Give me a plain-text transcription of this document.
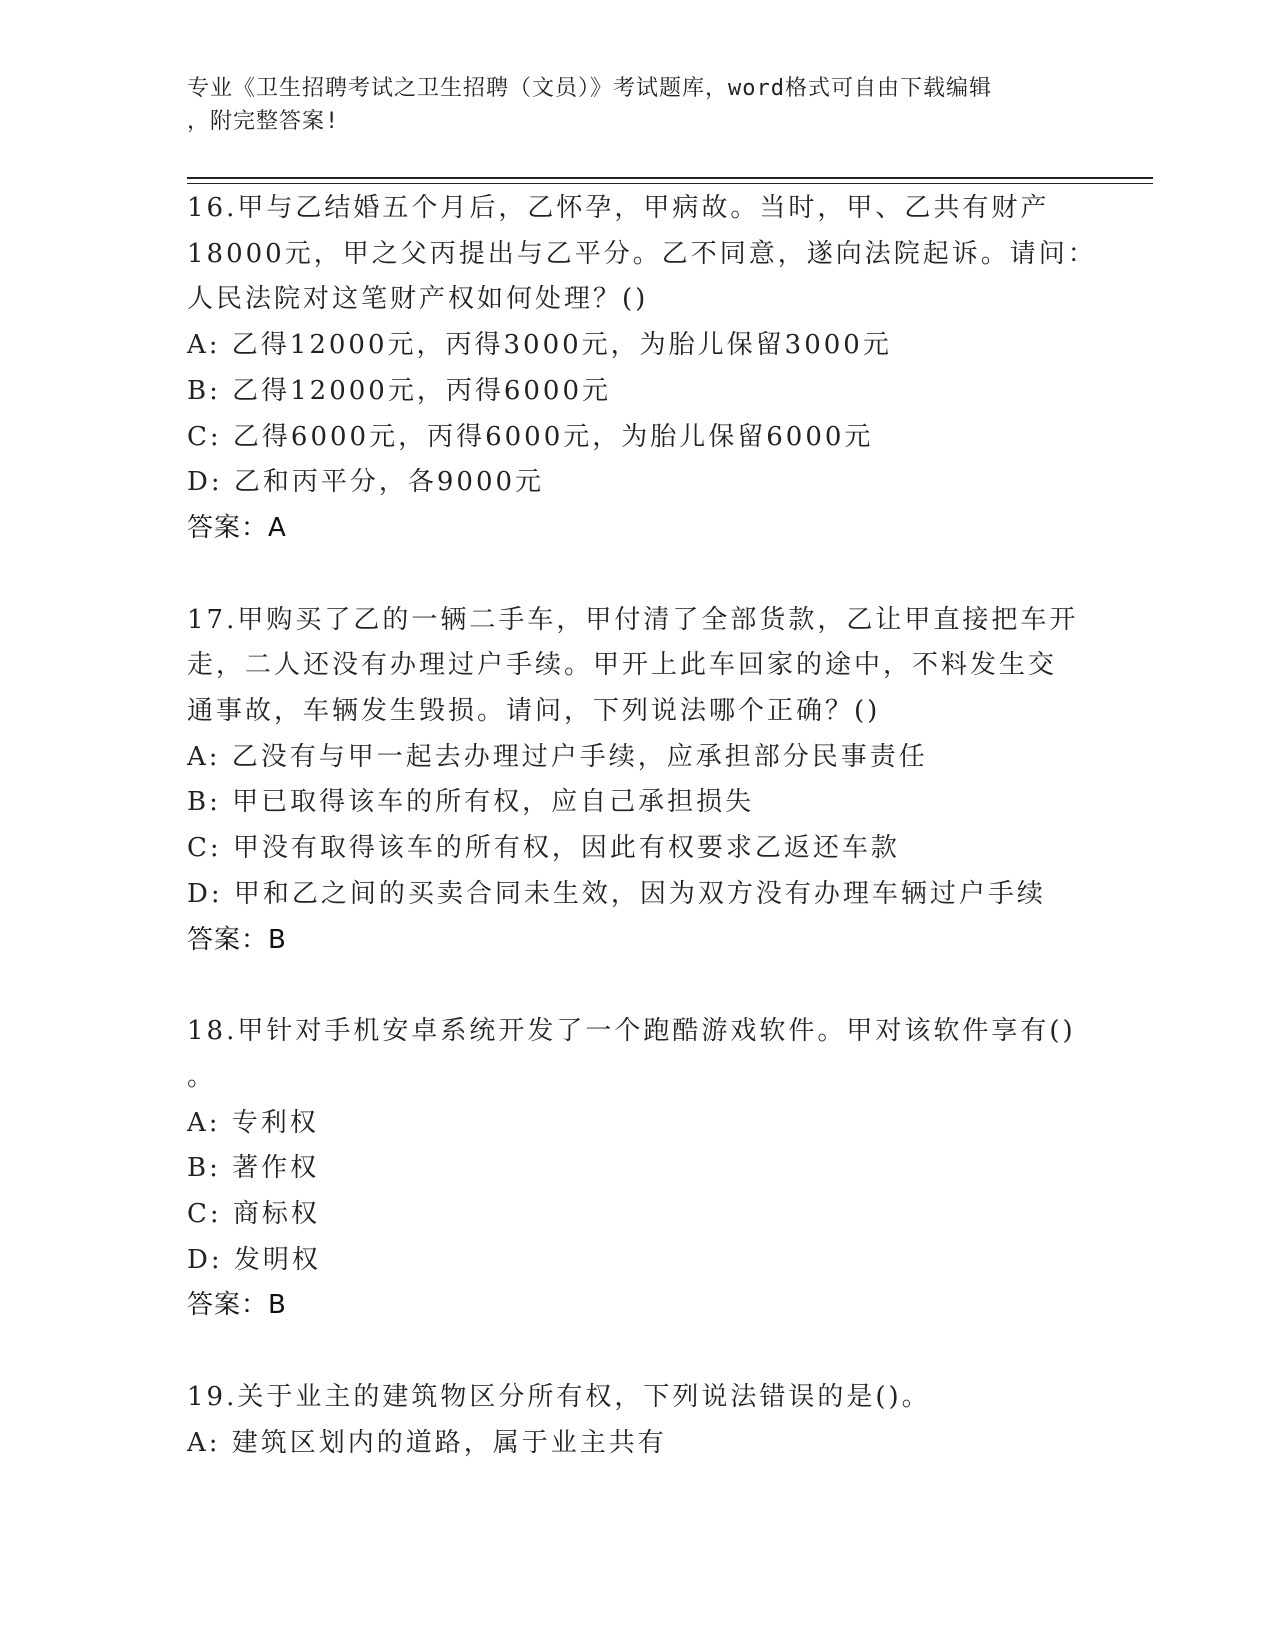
专业《卫生招聘考试之卫生招聘（文员）》考试题库，word格式可自由下载编辑
，附完整答案!
16.甲与乙结婚五个月后，乙怀孕，甲病故。当时，甲、乙共有财产
18000元，甲之父丙提出与乙平分。乙不同意，遂向法院起诉。请问：
人民法院对这笔财产权如何处理？()
A: 乙得12000元，丙得3000元，为胎儿保留3000元
B: 乙得12000元，丙得6000元
C: 乙得6000元，丙得6000元，为胎儿保留6000元
D: 乙和丙平分，各9000元
答案：A
17.甲购买了乙的一辆二手车，甲付清了全部货款，乙让甲直接把车开
走，二人还没有办理过户手续。甲开上此车回家的途中，不料发生交
通事故，车辆发生毁损。请问，下列说法哪个正确？()
A: 乙没有与甲一起去办理过户手续，应承担部分民事责任
B: 甲已取得该车的所有权，应自己承担损失
C: 甲没有取得该车的所有权，因此有权要求乙返还车款
D: 甲和乙之间的买卖合同未生效，因为双方没有办理车辆过户手续
答案：B
18.甲针对手机安卓系统开发了一个跑酷游戏软件。甲对该软件享有()
。
A: 专利权
B: 著作权
C: 商标权
D: 发明权
答案：B
19.关于业主的建筑物区分所有权，下列说法错误的是()。
A: 建筑区划内的道路，属于业主共有
